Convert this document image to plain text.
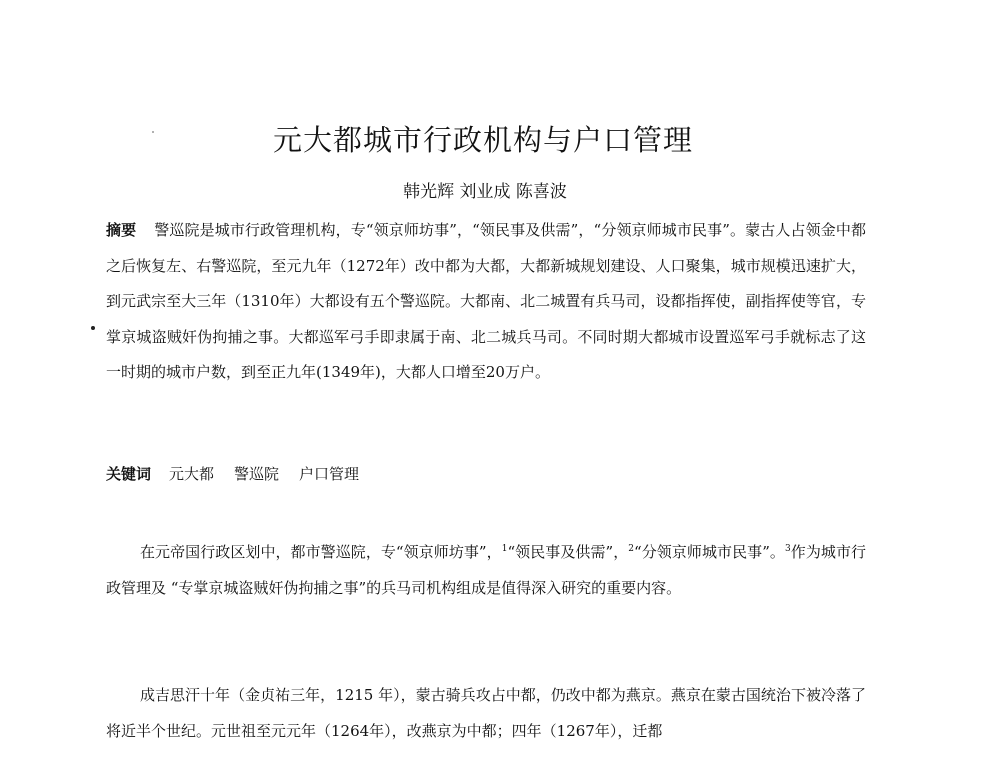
元大都城市行政机构与户口管理
韩光辉 刘业成 陈喜波

摘要 警巡院是城市行政管理机构，专“领京师坊事”，“领民事及供需”，“分领京师城市民事”。蒙古人占领金中都之后恢复左、右警巡院，至元九年（1272年）改中都为大都，大都新城规划建设、人口聚集，城市规模迅速扩大，到元武宗至大三年（1310年）大都设有五个警巡院。大都南、北二城置有兵马司，设都指挥使，副指挥使等官，专掌京城盗贼奸伪拘捕之事。大都巡军弓手即隶属于南、北二城兵马司。不同时期大都城市设置巡军弓手就标志了这一时期的城市户数，到至正九年(1349年)，大都人口增至20万户。

关键词 元大都 警巡院 户口管理

在元帝国行政区划中，都市警巡院，专“领京师坊事”，$^1$“领民事及供需”，$^2$“分领京师城市民事”。$^3$作为城市行政管理及 “专掌京城盗贼奸伪拘捕之事”的兵马司机构组成是值得深入研究的重要内容。

成吉思汗十年（金贞祐三年，1215 年），蒙古骑兵攻占中都，仍改中都为燕京。燕京在蒙古国统治下被冷落了将近半个世纪。元世祖至元元年（1264年），改燕京为中都；四年（1267年），迁都
